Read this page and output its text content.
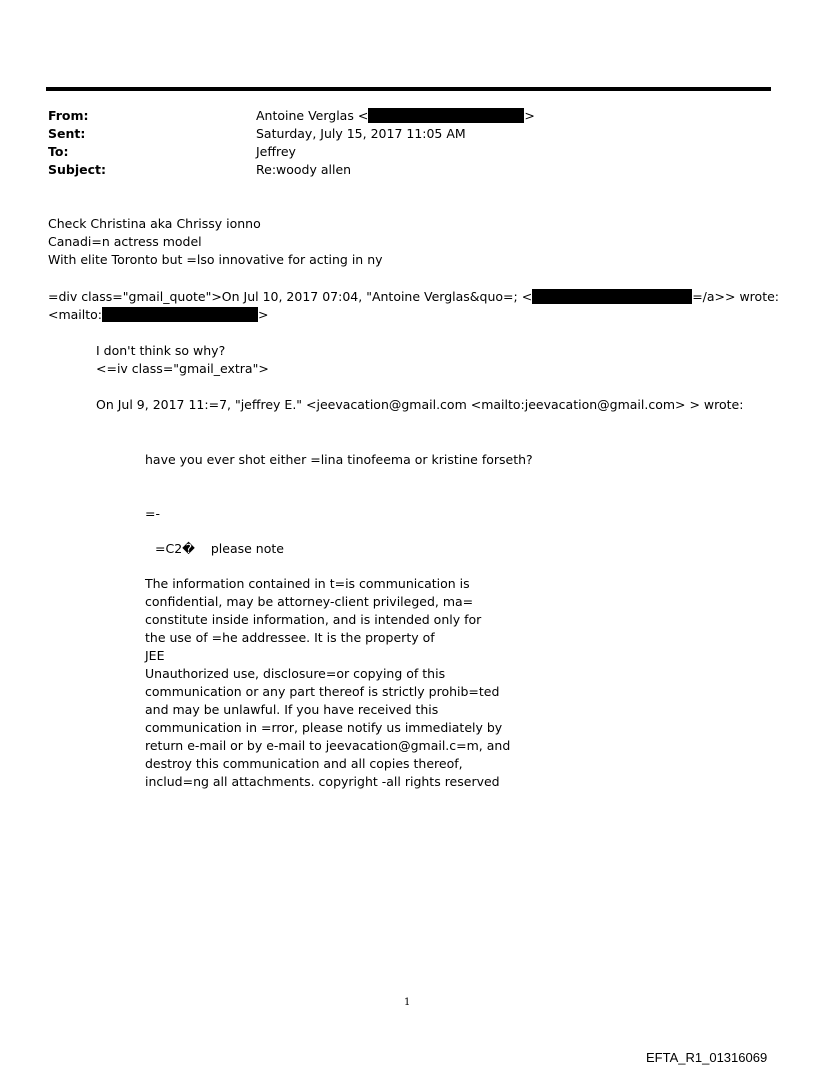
From:	Antoine Verglas <	>
Sent:	Saturday, July 15, 2017 11:05 AM
To:	Jeffrey
Subject:	Re:woody allen
Check Christina aka Chrissy ionno
Canadi=n actress model
With elite Toronto but =lso innovative for acting in ny
=div class="gmail_quote">On Jul 10, 2017 07:04, "Antoine Verglas&quo=; <	=/a>> wrote:
<mailto:	>
I don't think so why?
<=iv class="gmail_extra">
On Jul 9, 2017 11:=7, "jeffrey E." <jeevacation@gmail.com <mailto:jeevacation@gmail.com> > wrote:
have you ever shot either =lina tinofeema or kristine forseth?
=-
=C2�    please note
The information contained in t=is communication is
confidential, may be attorney-client privileged, ma=
constitute inside information, and is intended only for
the use of =he addressee. It is the property of
JEE
Unauthorized use, disclosure=or copying of this
communication or any part thereof is strictly prohib=ted
and may be unlawful. If you have received this
communication in =rror, please notify us immediately by
return e-mail or by e-mail to jeevacation@gmail.c=m, and
destroy this communication and all copies thereof,
includ=ng all attachments. copyright -all rights reserved
1
EFTA_R1_01316069
